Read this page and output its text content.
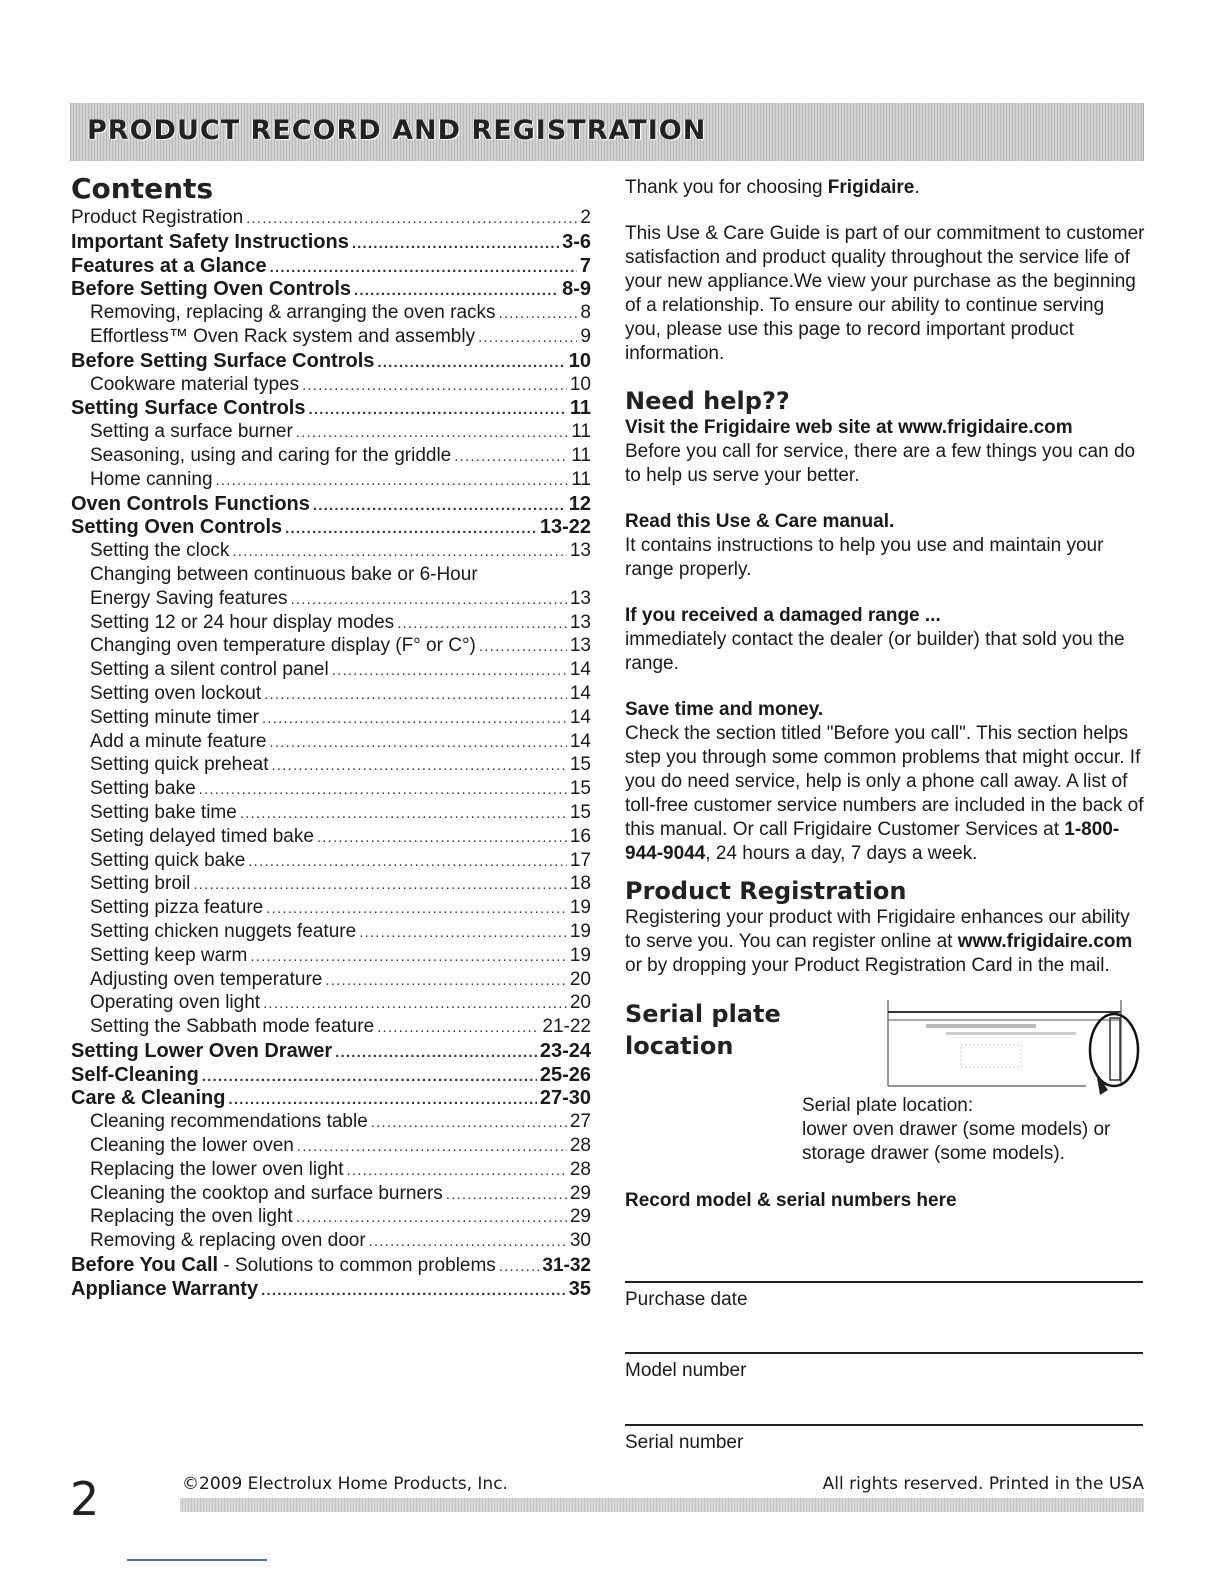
PRODUCT RECORD AND REGISTRATION
Contents
Product Registration .....	2
Important Safety Instructions .....	3-6
Features at a Glance .....	7
Before Setting Oven Controls .....	8-9
Removing, replacing & arranging the oven racks .....	8
Effortless™ Oven Rack system and assembly .....	9
Before Setting Surface Controls .....	10
Cookware material types .....	10
Setting Surface Controls .....	11
Setting a surface burner .....	11
Seasoning, using and caring for the griddle .....	11
Home canning .....	11
Oven Controls Functions .....	12
Setting Oven Controls .....	13-22
Setting the clock .....	13
Changing between continuous bake or 6-Hour
Energy Saving features .....	13
Setting 12 or 24 hour display modes .....	13
Changing oven temperature display (F° or C°) .....	13
Setting a silent control panel .....	14
Setting oven lockout .....	14
Setting minute timer .....	14
Add a minute feature .....	14
Setting quick preheat .....	15
Setting bake .....	15
Setting bake time .....	15
Seting delayed timed bake .....	16
Setting quick bake .....	17
Setting broil .....	18
Setting pizza feature .....	19
Setting chicken nuggets feature .....	19
Setting keep warm .....	19
Adjusting oven temperature .....	20
Operating oven light .....	20
Setting the Sabbath mode feature .....	21-22
Setting Lower Oven Drawer .....	23-24
Self-Cleaning .....	25-26
Care & Cleaning .....	27-30
Cleaning recommendations table .....	27
Cleaning the lower oven .....	28
Replacing the lower oven light .....	28
Cleaning the cooktop and surface burners .....	29
Replacing the oven light .....	29
Removing & replacing oven door .....	30
Before You Call - Solutions to common problems ..... 31-32
Appliance Warranty .....	35

Thank you for choosing Frigidaire.

This Use & Care Guide is part of our commitment to customer satisfaction and product quality throughout the service life of your new appliance.We view your purchase as the beginning of a relationship. To ensure our ability to continue serving you, please use this page to record important product information.

Need help??
Visit the Frigidaire web site at www.frigidaire.com

Before you call for service, there are a few things you can do to help us serve your better.

Read this Use & Care manual.

It contains instructions to help you use and maintain your range properly.

If you received a damaged range ...

immediately contact the dealer (or builder) that sold you the range.

Save time and money.

Check the section titled "Before you call". This section helps step you through some common problems that might occur. If you do need service, help is only a phone call away. A list of toll-free customer service numbers are included in the back of this manual. Or call Frigidaire Customer Services at 1-800-944-9044, 24 hours a day, 7 days a week.

Product Registration

Registering your product with Frigidaire enhances our ability to serve you. You can register online at www.frigidaire.com or by dropping your Product Registration Card in the mail.

Serial plate
location
Serial plate location:
lower oven drawer (some models) or
storage drawer (some models).
Record model & serial numbers here
Purchase date
Model number
Serial number
2	©2009 Electrolux Home Products, Inc.	All rights reserved. Printed in the USA
